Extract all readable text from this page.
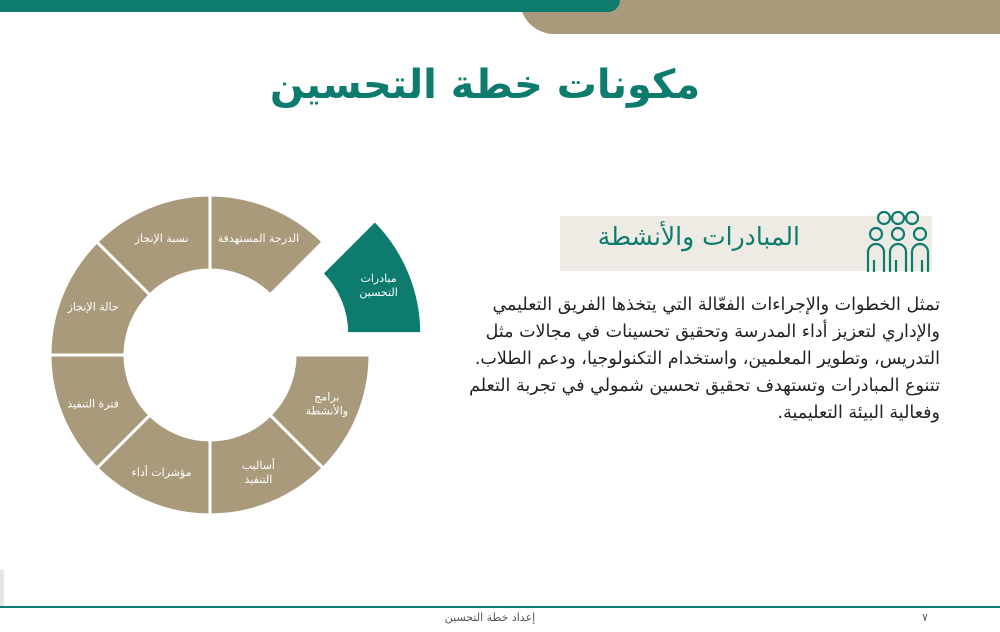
مكونات خطة التحسين
مبادرات
التحسين
برامج
والأنشطة
أساليب
التنفيذ
مؤشرات أداء
فترة التنفيذ
حالة الإنجاز
نسبة الإنجاز	الدرجة المستهدفة	المبادرات والأنشطة
تمثل الخطوات والإجراءات الفعّالة التي يتخذها الفريق التعليمي والإداري لتعزيز أداء المدرسة وتحقيق تحسينات في مجالات مثل التدريس، وتطوير المعلمين، واستخدام التكنولوجيا، ودعم الطلاب. تتنوع المبادرات وتستهدف تحقيق تحسين شمولي في تجربة التعلم وفعالية البيئة التعليمية.
إعداد خطة التحسين	٧
